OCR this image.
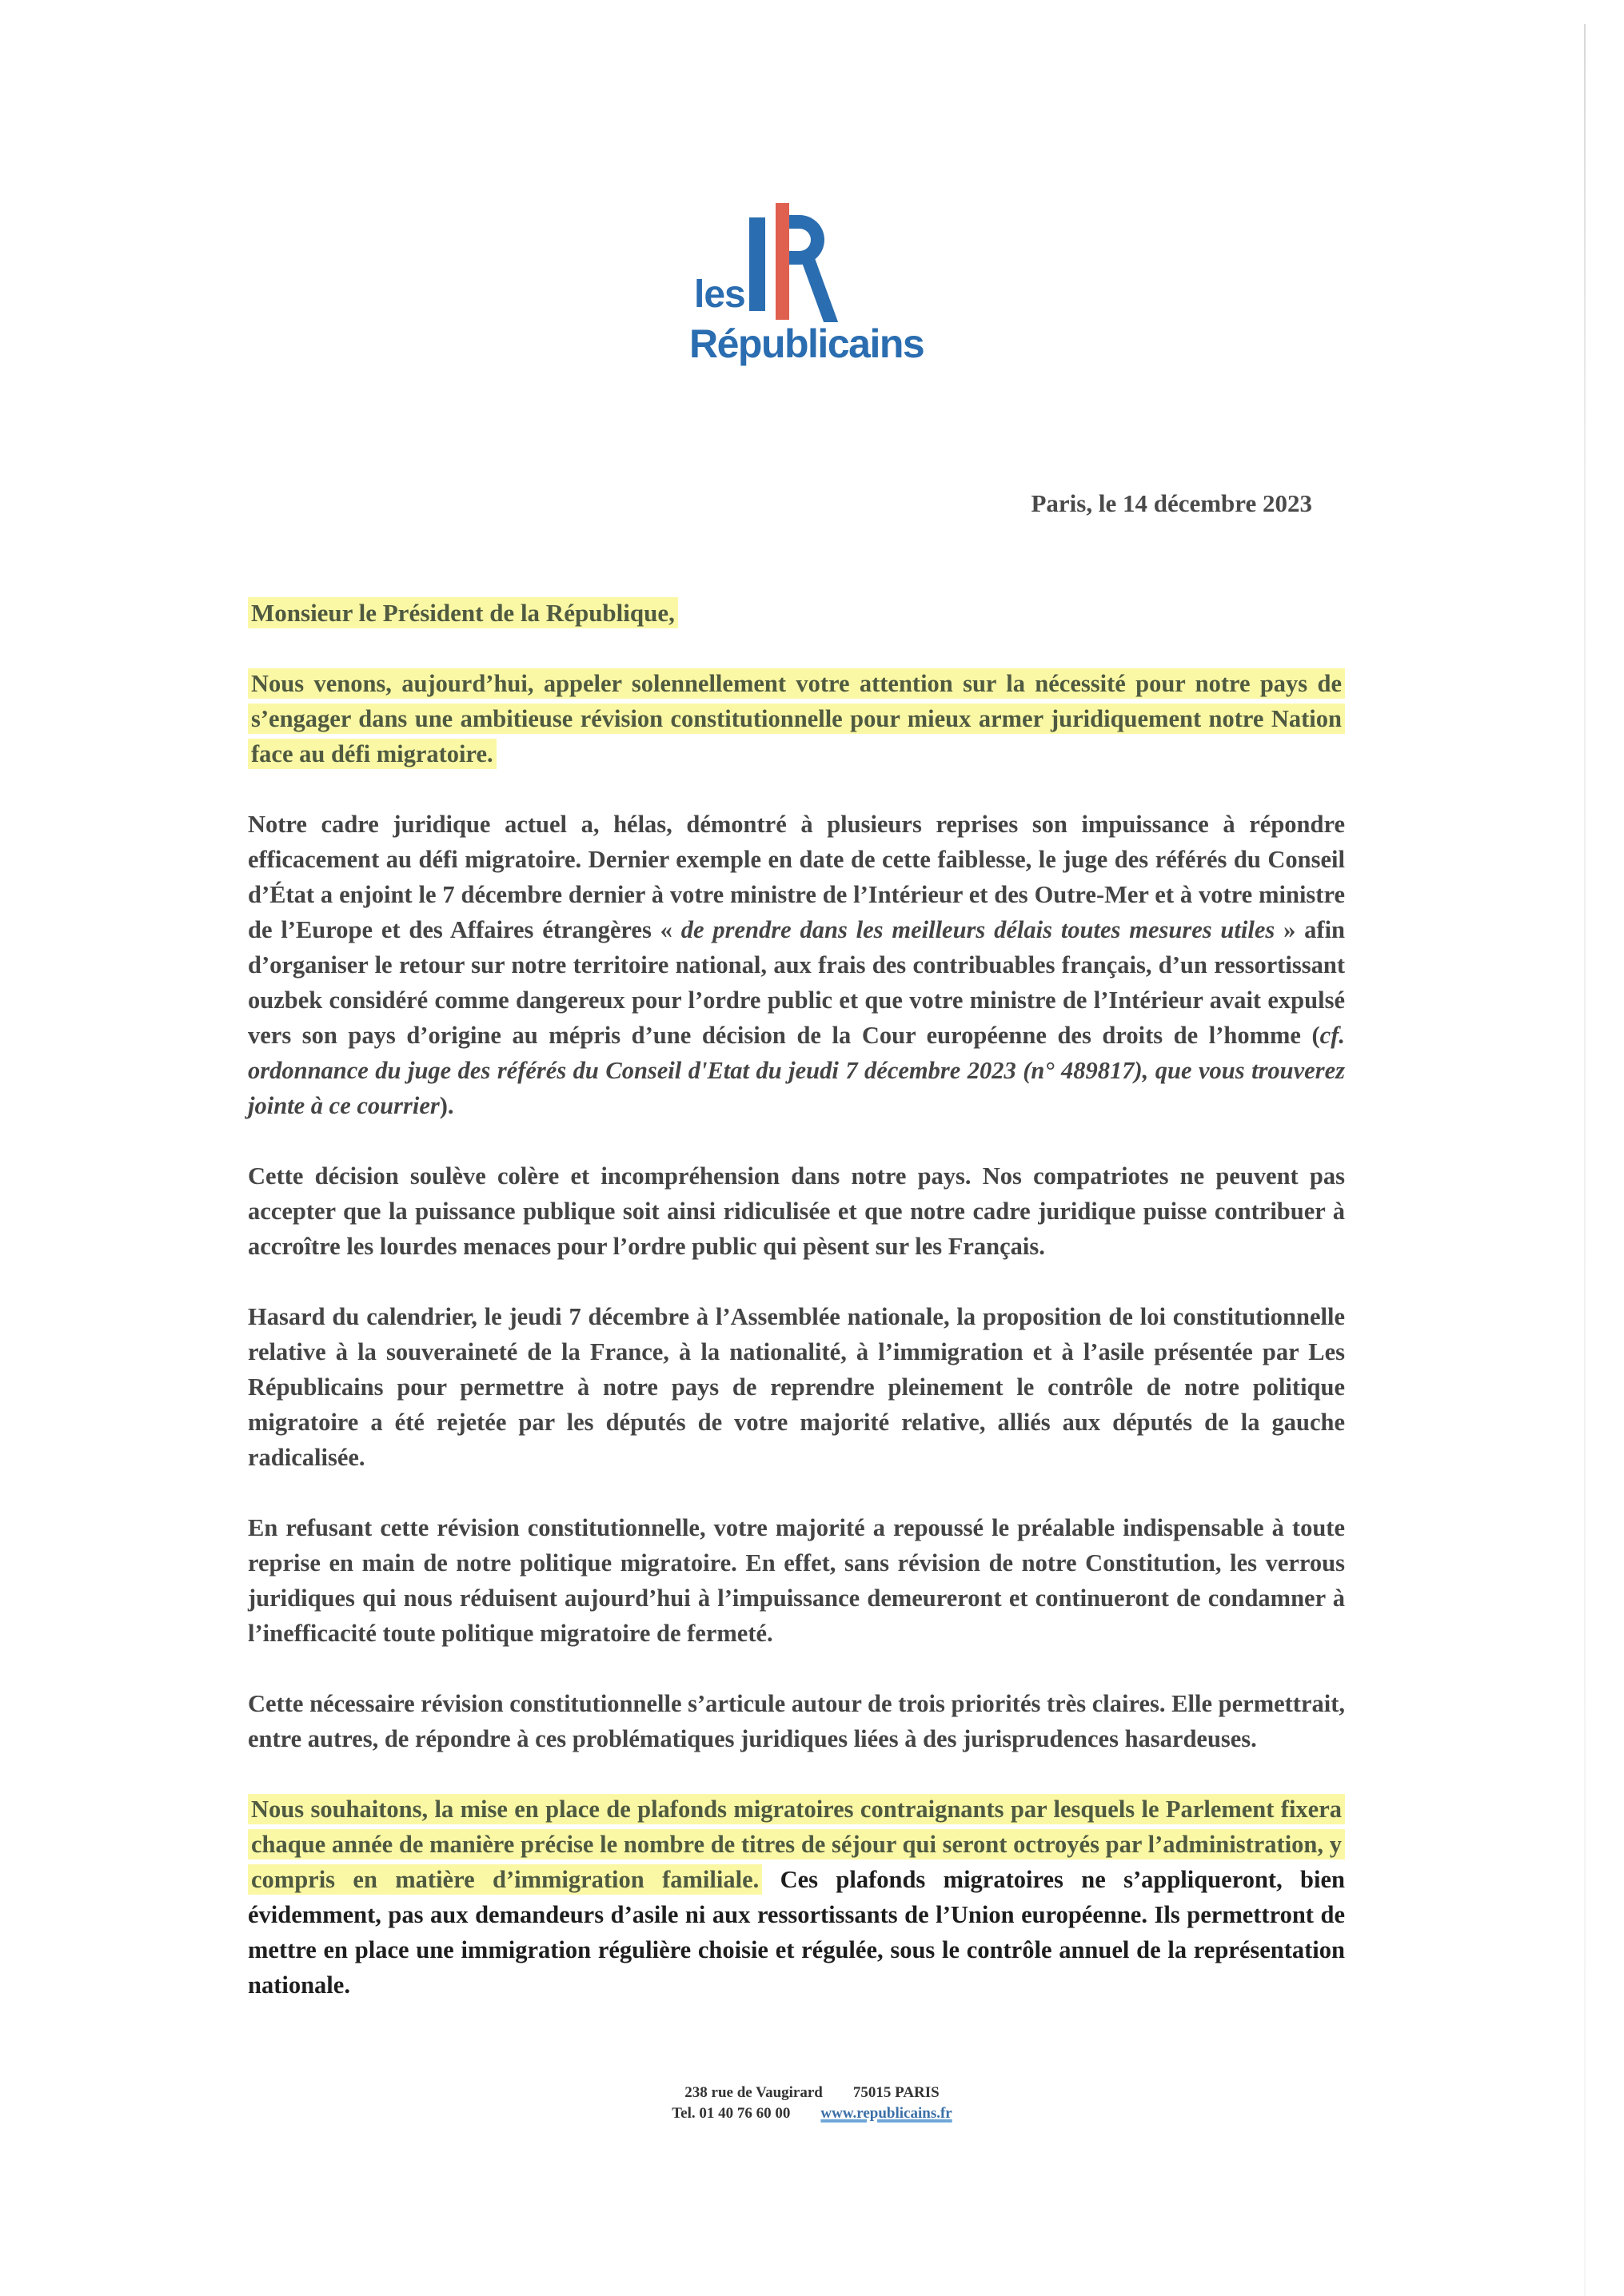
les
Républicains
Paris, le 14 décembre 2023

Monsieur le Président de la République,

Nous venons, aujourd’hui, appeler solennellement votre attention sur la nécessité pour notre pays de s’engager dans une ambitieuse révision constitutionnelle pour mieux armer juridiquement notre Nation face au défi migratoire.

Notre cadre juridique actuel a, hélas, démontré à plusieurs reprises son impuissance à répondre efficacement au défi migratoire. Dernier exemple en date de cette faiblesse, le juge des référés du Conseil d’État a enjoint le 7 décembre dernier à votre ministre de l’Intérieur et des Outre-Mer et à votre ministre de l’Europe et des Affaires étrangères « de prendre dans les meilleurs délais toutes mesures utiles » afin d’organiser le retour sur notre territoire national, aux frais des contribuables français, d’un ressortissant ouzbek considéré comme dangereux pour l’ordre public et que votre ministre de l’Intérieur avait expulsé vers son pays d’origine au mépris d’une décision de la Cour européenne des droits de l’homme (cf. ordonnance du juge des référés du Conseil d'Etat du jeudi 7 décembre 2023 (n° 489817), que vous trouverez jointe à ce courrier).

Cette décision soulève colère et incompréhension dans notre pays. Nos compatriotes ne peuvent pas accepter que la puissance publique soit ainsi ridiculisée et que notre cadre juridique puisse contribuer à accroître les lourdes menaces pour l’ordre public qui pèsent sur les Français.

Hasard du calendrier, le jeudi 7 décembre à l’Assemblée nationale, la proposition de loi constitutionnelle relative à la souveraineté de la France, à la nationalité, à l’immigration et à l’asile présentée par Les Républicains pour permettre à notre pays de reprendre pleinement le contrôle de notre politique migratoire a été rejetée par les députés de votre majorité relative, alliés aux députés de la gauche radicalisée.

En refusant cette révision constitutionnelle, votre majorité a repoussé le préalable indispensable à toute reprise en main de notre politique migratoire. En effet, sans révision de notre Constitution, les verrous juridiques qui nous réduisent aujourd’hui à l’impuissance demeureront et continueront de condamner à l’inefficacité toute politique migratoire de fermeté.

Cette nécessaire révision constitutionnelle s’articule autour de trois priorités très claires. Elle permettrait, entre autres, de répondre à ces problématiques juridiques liées à des jurisprudences hasardeuses.

Nous souhaitons, la mise en place de plafonds migratoires contraignants par lesquels le Parlement fixera chaque année de manière précise le nombre de titres de séjour qui seront octroyés par l’administration, y compris en matière d’immigration familiale. Ces plafonds migratoires ne s’appliqueront, bien évidemment, pas aux demandeurs d’asile ni aux ressortissants de l’Union européenne. Ils permettront de mettre en place une immigration régulière choisie et régulée, sous le contrôle annuel de la représentation nationale.

238 rue de Vaugirard 75015 PARIS
Tel. 01 40 76 60 00 www.republicains.fr
